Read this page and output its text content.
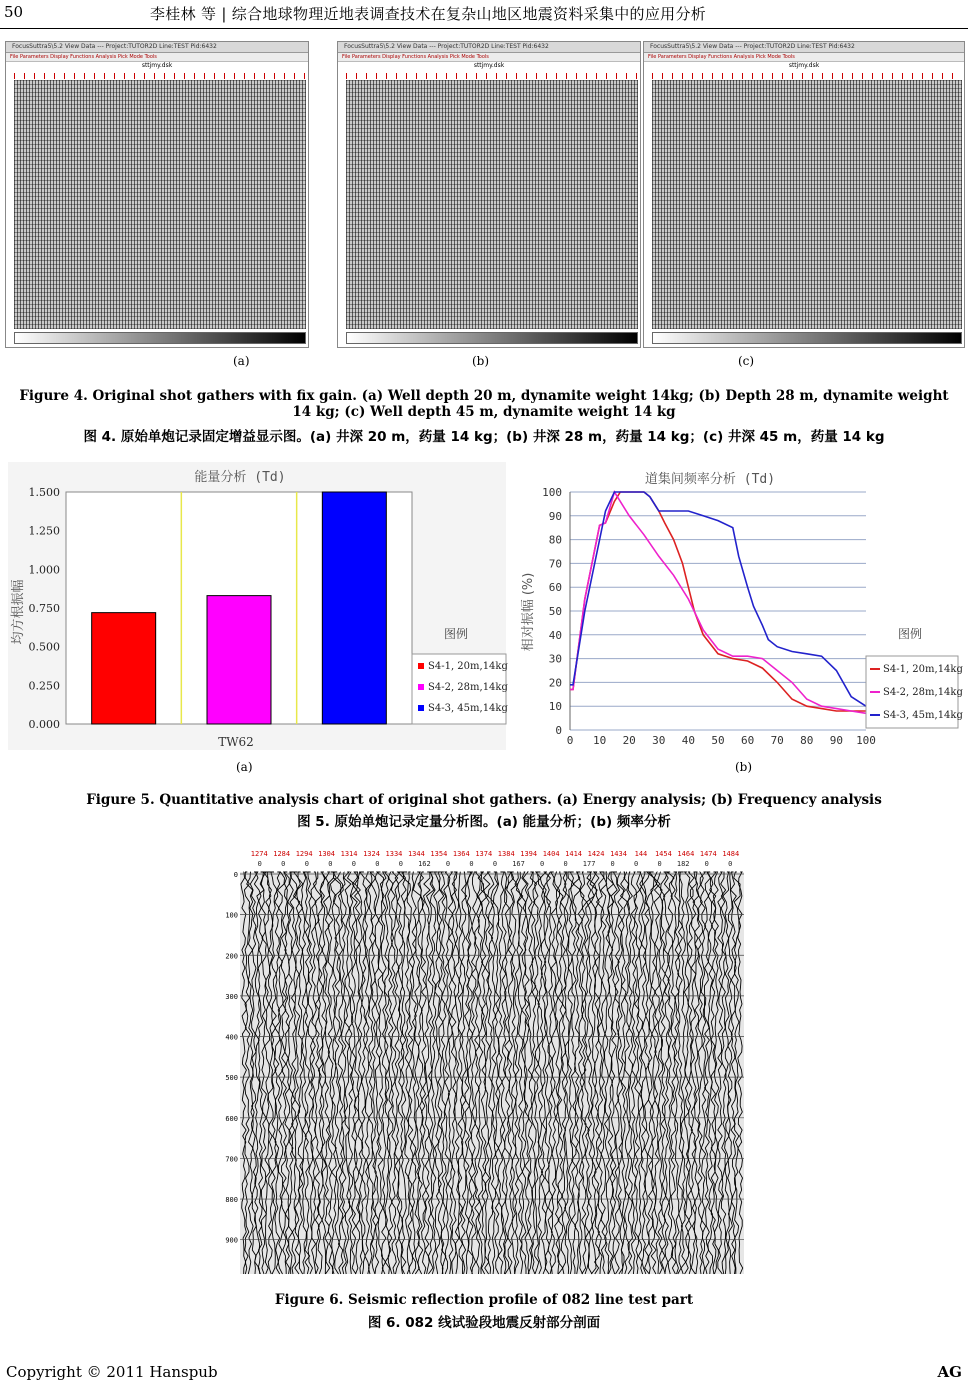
50	李桂林 等 | 综合地球物理近地表调查技术在复杂山地区地震资料采集中的应用分析
FocusSuttra5\5.2 View Data --- Project:TUTOR2D Line:TEST Pid:6432
File Parameters Display Functions Analysis Pick Mode Tools
sttjmy.dsk
FocusSuttra5\5.2 View Data --- Project:TUTOR2D Line:TEST Pid:6432
File Parameters Display Functions Analysis Pick Mode Tools
sttjmy.dsk
FocusSuttra5\5.2 View Data --- Project:TUTOR2D Line:TEST Pid:6432
File Parameters Display Functions Analysis Pick Mode Tools
sttjmy.dsk
(a)	(b)	(c)
Figure 4. Original shot gathers with fix gain. (a) Well depth 20 m, dynamite weight 14kg; (b) Depth 28 m, dynamite weight 14 kg; (c) Well depth 45 m, dynamite weight 14 kg
图 4. 原始单炮记录固定增益显示图。(a) 井深 20 m，药量 14 kg；(b) 井深 28 m，药量 14 kg；(c) 井深 45 m，药量 14 kg
能量分析 (Td)
TW62
均方根振幅
0.000
0.250
0.500
0.750
1.000
1.250
1.500
图例
S4-1, 20m,14kg
S4-2, 28m,14kg
S4-3, 45m,14kg
道集间频率分析 (Td)
相对振幅 (%)
0
10
20
30
40
50
60
70
80
90
100
0 10 20 30 40 50 60 70 80 90 100
图例
S4-1, 20m,14kg
S4-2, 28m,14kg
S4-3, 45m,14kg
(a)	(b)
Figure 5. Quantitative analysis chart of original shot gathers. (a) Energy analysis; (b) Frequency analysis
图 5. 原始单炮记录定量分析图。(a) 能量分析；(b) 频率分析
1274 1284 1294 1304 1314 1324 1334 1344 1354 1364 1374 1384 1394 1404 1414 1424 1434 144 1454 1464 1474 1484
0	0	0	0	0	0	0 162 0	0	0 167 0	0 177 0	0	0 182 0	0
0
100
200
300
400
500
600
700
800
900
Figure 6. Seismic reflection profile of 082 line test part
图 6. 082 线试验段地震反射部分剖面
Copyright © 2011 Hanspub	AG
